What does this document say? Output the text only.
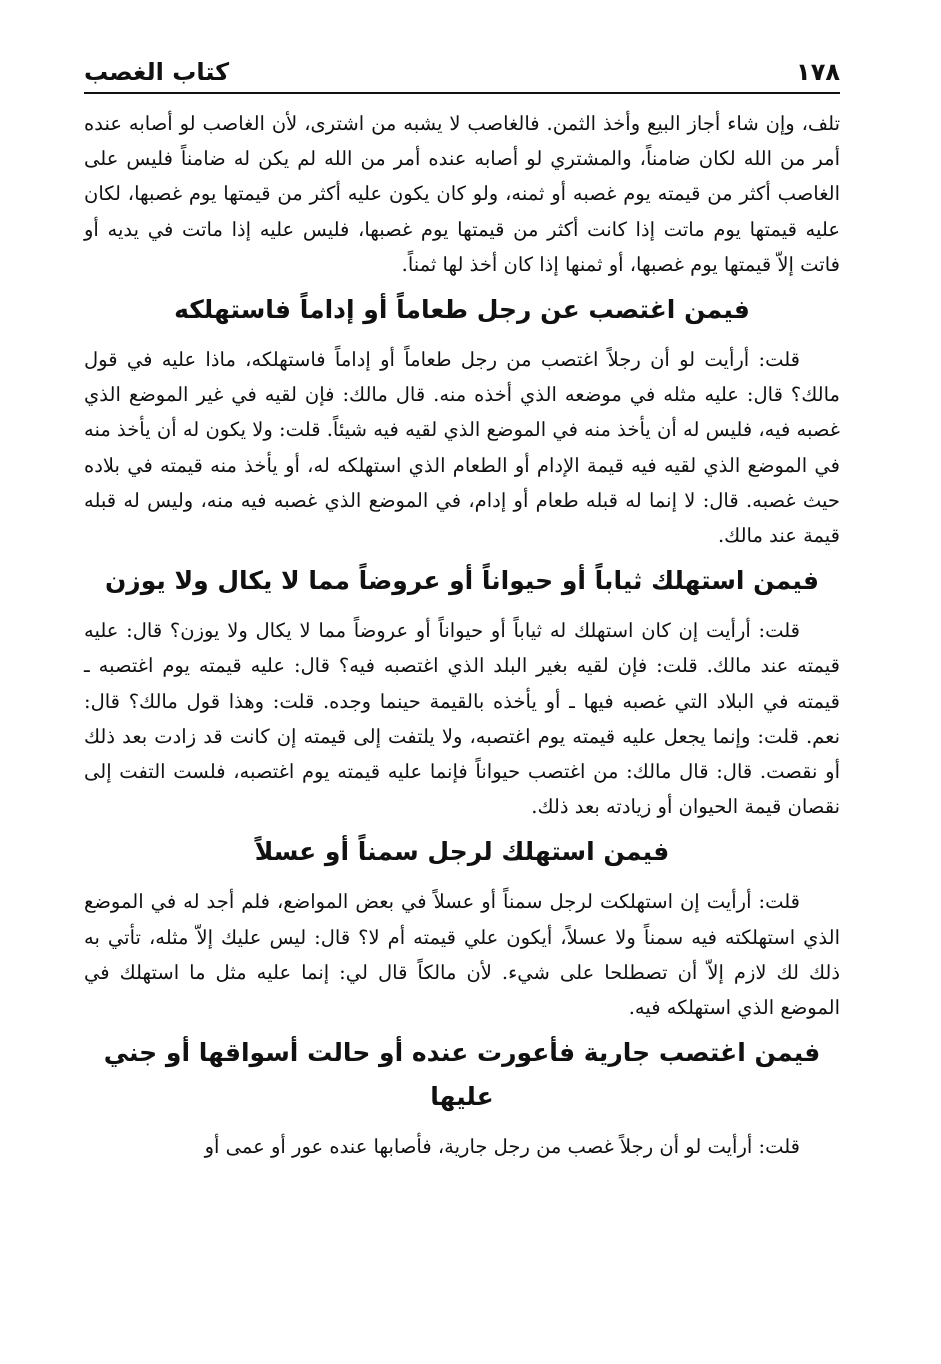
١٧٨
كتاب الغصب

تلف، وإن شاء أجاز البيع وأخذ الثمن. فالغاصب لا يشبه من اشترى، لأن الغاصب لو أصابه عنده أمر من الله لكان ضامناً، والمشتري لو أصابه عنده أمر من الله لم يكن له ضامناً فليس على الغاصب أكثر من قيمته يوم غصبه أو ثمنه، ولو كان يكون عليه أكثر من قيمتها يوم غصبها، لكان عليه قيمتها يوم ماتت إذا كانت أكثر من قيمتها يوم غصبها، فليس عليه إذا ماتت في يديه أو فاتت إلاّ قيمتها يوم غصبها، أو ثمنها إذا كان أخذ لها ثمناً.

فيمن اغتصب عن رجل طعاماً أو إداماً فاستهلكه

قلت: أرأيت لو أن رجلاً اغتصب من رجل طعاماً أو إداماً فاستهلكه، ماذا عليه في قول مالك؟ قال: عليه مثله في موضعه الذي أخذه منه. قال مالك: فإن لقيه في غير الموضع الذي غصبه فيه، فليس له أن يأخذ منه في الموضع الذي لقيه فيه شيئاً. قلت: ولا يكون له أن يأخذ منه في الموضع الذي لقيه فيه قيمة الإدام أو الطعام الذي استهلكه له، أو يأخذ منه قيمته في بلاده حيث غصبه. قال: لا إنما له قبله طعام أو إدام، في الموضع الذي غصبه فيه منه، وليس له قبله قيمة عند مالك.

فيمن استهلك ثياباً أو حيواناً أو عروضاً مما لا يكال ولا يوزن

قلت: أرأيت إن كان استهلك له ثياباً أو حيواناً أو عروضاً مما لا يكال ولا يوزن؟ قال: عليه قيمته عند مالك. قلت: فإن لقيه بغير البلد الذي اغتصبه فيه؟ قال: عليه قيمته يوم اغتصبه ـ قيمته في البلاد التي غصبه فيها ـ أو يأخذه بالقيمة حينما وجده. قلت: وهذا قول مالك؟ قال: نعم. قلت: وإنما يجعل عليه قيمته يوم اغتصبه، ولا يلتفت إلى قيمته إن كانت قد زادت بعد ذلك أو نقصت. قال: قال مالك: من اغتصب حيواناً فإنما عليه قيمته يوم اغتصبه، فلست التفت إلى نقصان قيمة الحيوان أو زيادته بعد ذلك.

فيمن استهلك لرجل سمناً أو عسلاً

قلت: أرأيت إن استهلكت لرجل سمناً أو عسلاً في بعض المواضع، فلم أجد له في الموضع الذي استهلكته فيه سمناً ولا عسلاً، أيكون علي قيمته أم لا؟ قال: ليس عليك إلاّ مثله، تأتي به ذلك لك لازم إلاّ أن تصطلحا على شيء. لأن مالكاً قال لي: إنما عليه مثل ما استهلك في الموضع الذي استهلكه فيه.

فيمن اغتصب جارية فأعورت عنده أو حالت أسواقها أو جني عليها

قلت: أرأيت لو أن رجلاً غصب من رجل جارية، فأصابها عنده عور أو عمى أو
